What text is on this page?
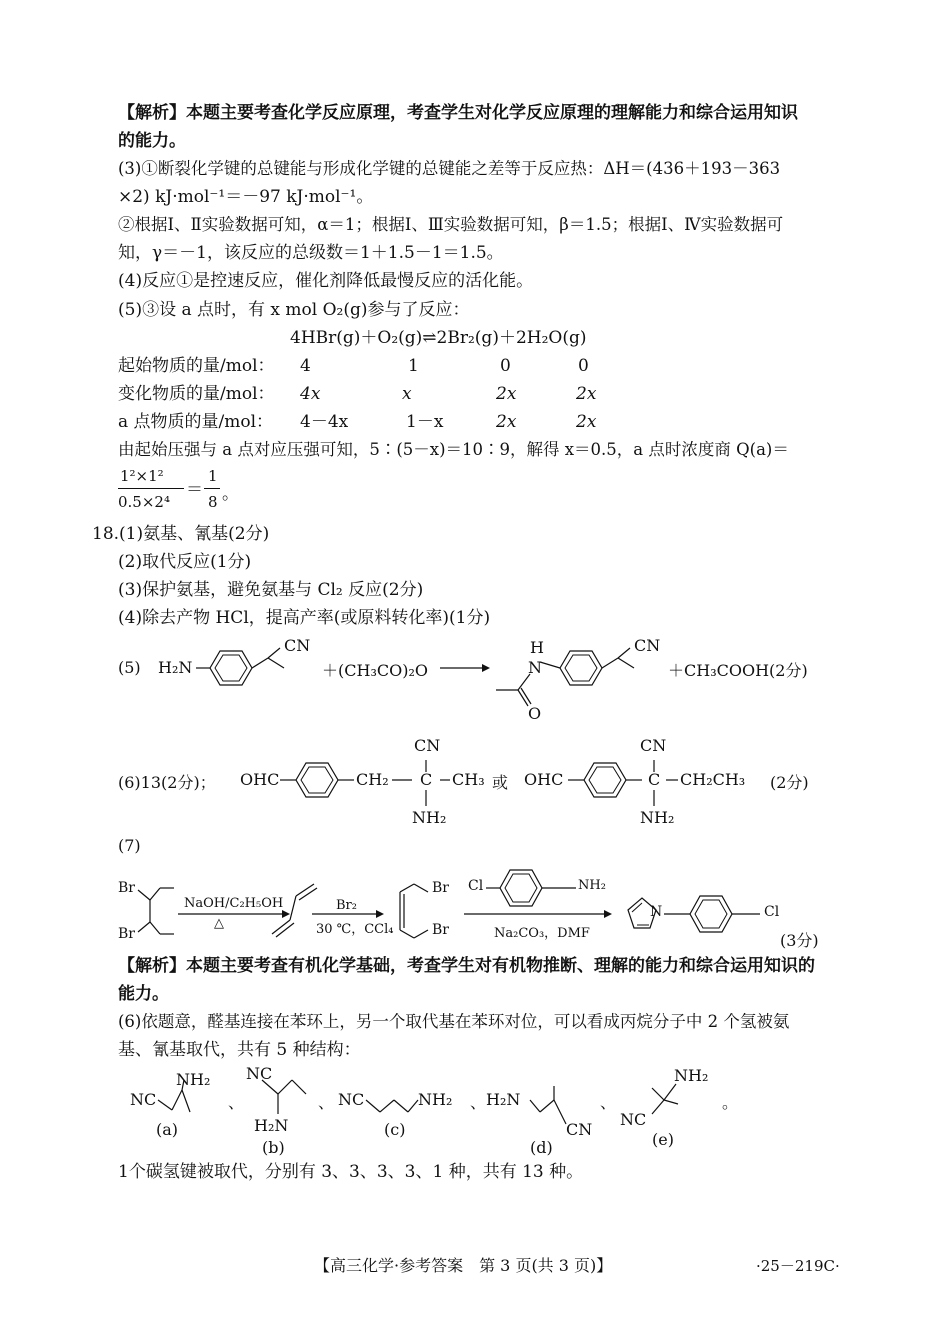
【解析】本题主要考查化学反应原理，考查学生对化学反应原理的理解能力和综合运用知识
的能力。
(3)①断裂化学键的总键能与形成化学键的总键能之差等于反应热：ΔH＝(436＋193－363
×2) kJ·mol⁻¹＝－97 kJ·mol⁻¹。
②根据Ⅰ、Ⅱ实验数据可知，α＝1；根据Ⅰ、Ⅲ实验数据可知，β＝1.5；根据Ⅰ、Ⅳ实验数据可
知，γ＝－1，该反应的总级数＝1＋1.5－1＝1.5。
(4)反应①是控速反应，催化剂降低最慢反应的活化能。
(5)③设 a 点时，有 x mol O₂(g)参与了反应：
4HBr(g)＋O₂(g)⇌2Br₂(g)＋2H₂O(g)
起始物质的量/mol： 4	1	0	0
变化物质的量/mol： 4x	x	2x	2x
a 点物质的量/mol： 4－4x	1－x	2x	2x
由起始压强与 a 点对应压强可知，5∶(5－x)＝10∶9，解得 x＝0.5，a 点时浓度商 Q(a)＝
1²×1²
0.5×2⁴
＝
1
8 。
18.(1)氨基、氰基(2分)
(2)取代反应(1分)
(3)保护氨基，避免氨基与 Cl₂ 反应(2分)
(4)除去产物 HCl，提高产率(或原料转化率)(1分)
(5) H₂N
CN
＋(CH₃CO)₂O
H
N
O
CN
＋CH₃COOH(2分)
(6)13(2分)； OHC	CH₂
CN
C CH₃
NH₂
或 OHC
CN
C CH₂CH₃
NH₂
(2分)
(7)
Br
Br
NaOH/C₂H₅OH
△
Br₂
30 ℃，CCl₄
Br
Br
Cl	NH₂
Na₂CO₃，DMF
N	Cl
(3分)
【解析】本题主要考查有机化学基础，考查学生对有机物推断、理解的能力和综合运用知识的
能力。
(6)依题意，醛基连接在苯环上，另一个取代基在苯环对位，可以看成丙烷分子中 2 个氢被氨
基、氰基取代，共有 5 种结构：
NC
NH₂
(a)
、
NC
H₂N
(b)
、 NC	NH₂
(c)
、 H₂N
CN
(d)
、
NH₂
NC
(e)
。
1个碳氢键被取代，分别有 3、3、3、3、1 种，共有 13 种。
【高三化学·参考答案　第 3 页(共 3 页)】	·25－219C·
